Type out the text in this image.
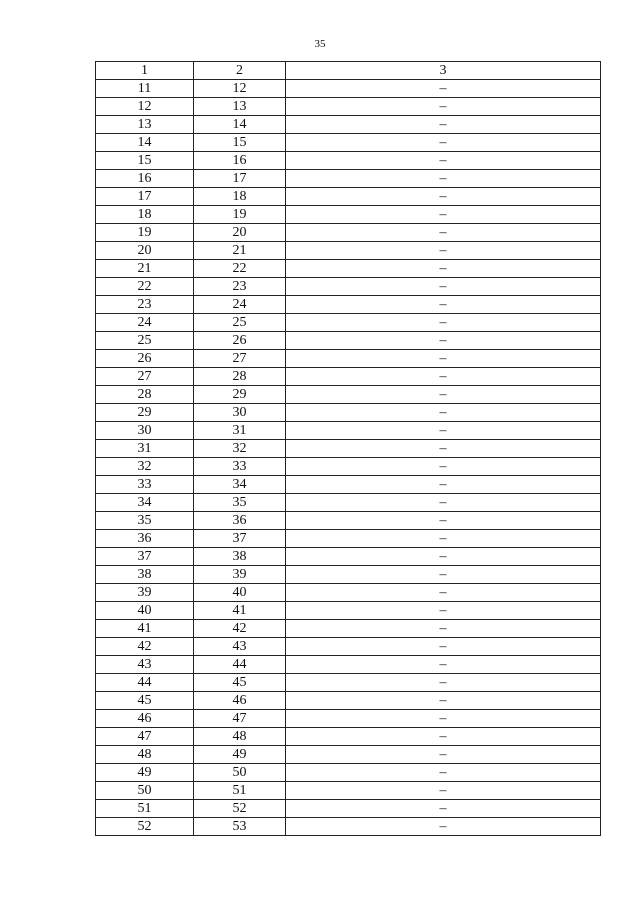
35
1	2	3
11	12	–
12	13	–
13	14	–
14	15	–
15	16	–
16	17	–
17	18	–
18	19	–
19	20	–
20	21	–
21	22	–
22	23	–
23	24	–
24	25	–
25	26	–
26	27	–
27	28	–
28	29	–
29	30	–
30	31	–
31	32	–
32	33	–
33	34	–
34	35	–
35	36	–
36	37	–
37	38	–
38	39	–
39	40	–
40	41	–
41	42	–
42	43	–
43	44	–
44	45	–
45	46	–
46	47	–
47	48	–
48	49	–
49	50	–
50	51	–
51	52	–
52	53	–
